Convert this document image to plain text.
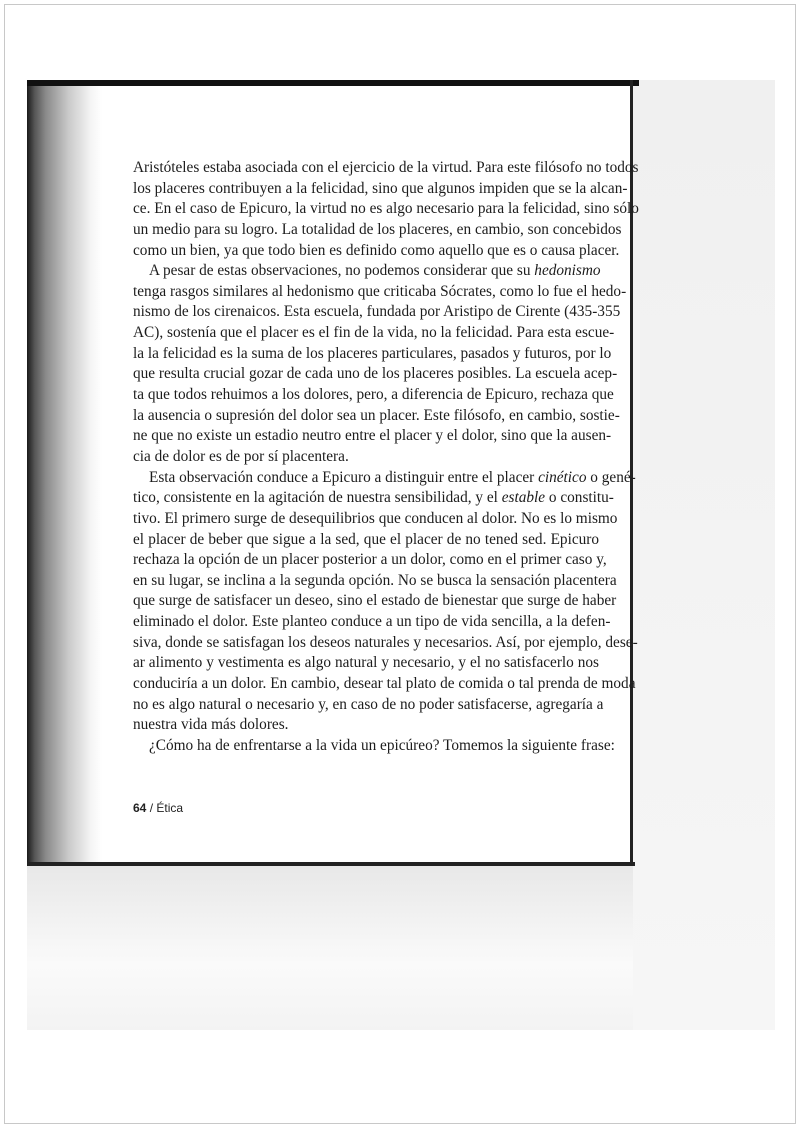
Aristóteles estaba asociada con el ejercicio de la virtud. Para este filósofo no todos
los placeres contribuyen a la felicidad, sino que algunos impiden que se la alcan-
ce. En el caso de Epicuro, la virtud no es algo necesario para la felicidad, sino sólo
un medio para su logro. La totalidad de los placeres, en cambio, son concebidos
como un bien, ya que todo bien es definido como aquello que es o causa placer.
A pesar de estas observaciones, no podemos considerar que su hedonismo
tenga rasgos similares al hedonismo que criticaba Sócrates, como lo fue el hedo-
nismo de los cirenaicos. Esta escuela, fundada por Aristipo de Cirente (435-355
AC), sostenía que el placer es el fin de la vida, no la felicidad. Para esta escue-
la la felicidad es la suma de los placeres particulares, pasados y futuros, por lo
que resulta crucial gozar de cada uno de los placeres posibles. La escuela acep-
ta que todos rehuimos a los dolores, pero, a diferencia de Epicuro, rechaza que
la ausencia o supresión del dolor sea un placer. Este filósofo, en cambio, sostie-
ne que no existe un estadio neutro entre el placer y el dolor, sino que la ausen-
cia de dolor es de por sí placentera.
Esta observación conduce a Epicuro a distinguir entre el placer cinético o gené-
tico, consistente en la agitación de nuestra sensibilidad, y el estable o constitu-
tivo. El primero surge de desequilibrios que conducen al dolor. No es lo mismo
el placer de beber que sigue a la sed, que el placer de no tened sed. Epicuro
rechaza la opción de un placer posterior a un dolor, como en el primer caso y,
en su lugar, se inclina a la segunda opción. No se busca la sensación placentera
que surge de satisfacer un deseo, sino el estado de bienestar que surge de haber
eliminado el dolor. Este planteo conduce a un tipo de vida sencilla, a la defen-
siva, donde se satisfagan los deseos naturales y necesarios. Así, por ejemplo, dese-
ar alimento y vestimenta es algo natural y necesario, y el no satisfacerlo nos
conduciría a un dolor. En cambio, desear tal plato de comida o tal prenda de moda
no es algo natural o necesario y, en caso de no poder satisfacerse, agregaría a
nuestra vida más dolores.
¿Cómo ha de enfrentarse a la vida un epicúreo? Tomemos la siguiente frase:
64 / Ética
